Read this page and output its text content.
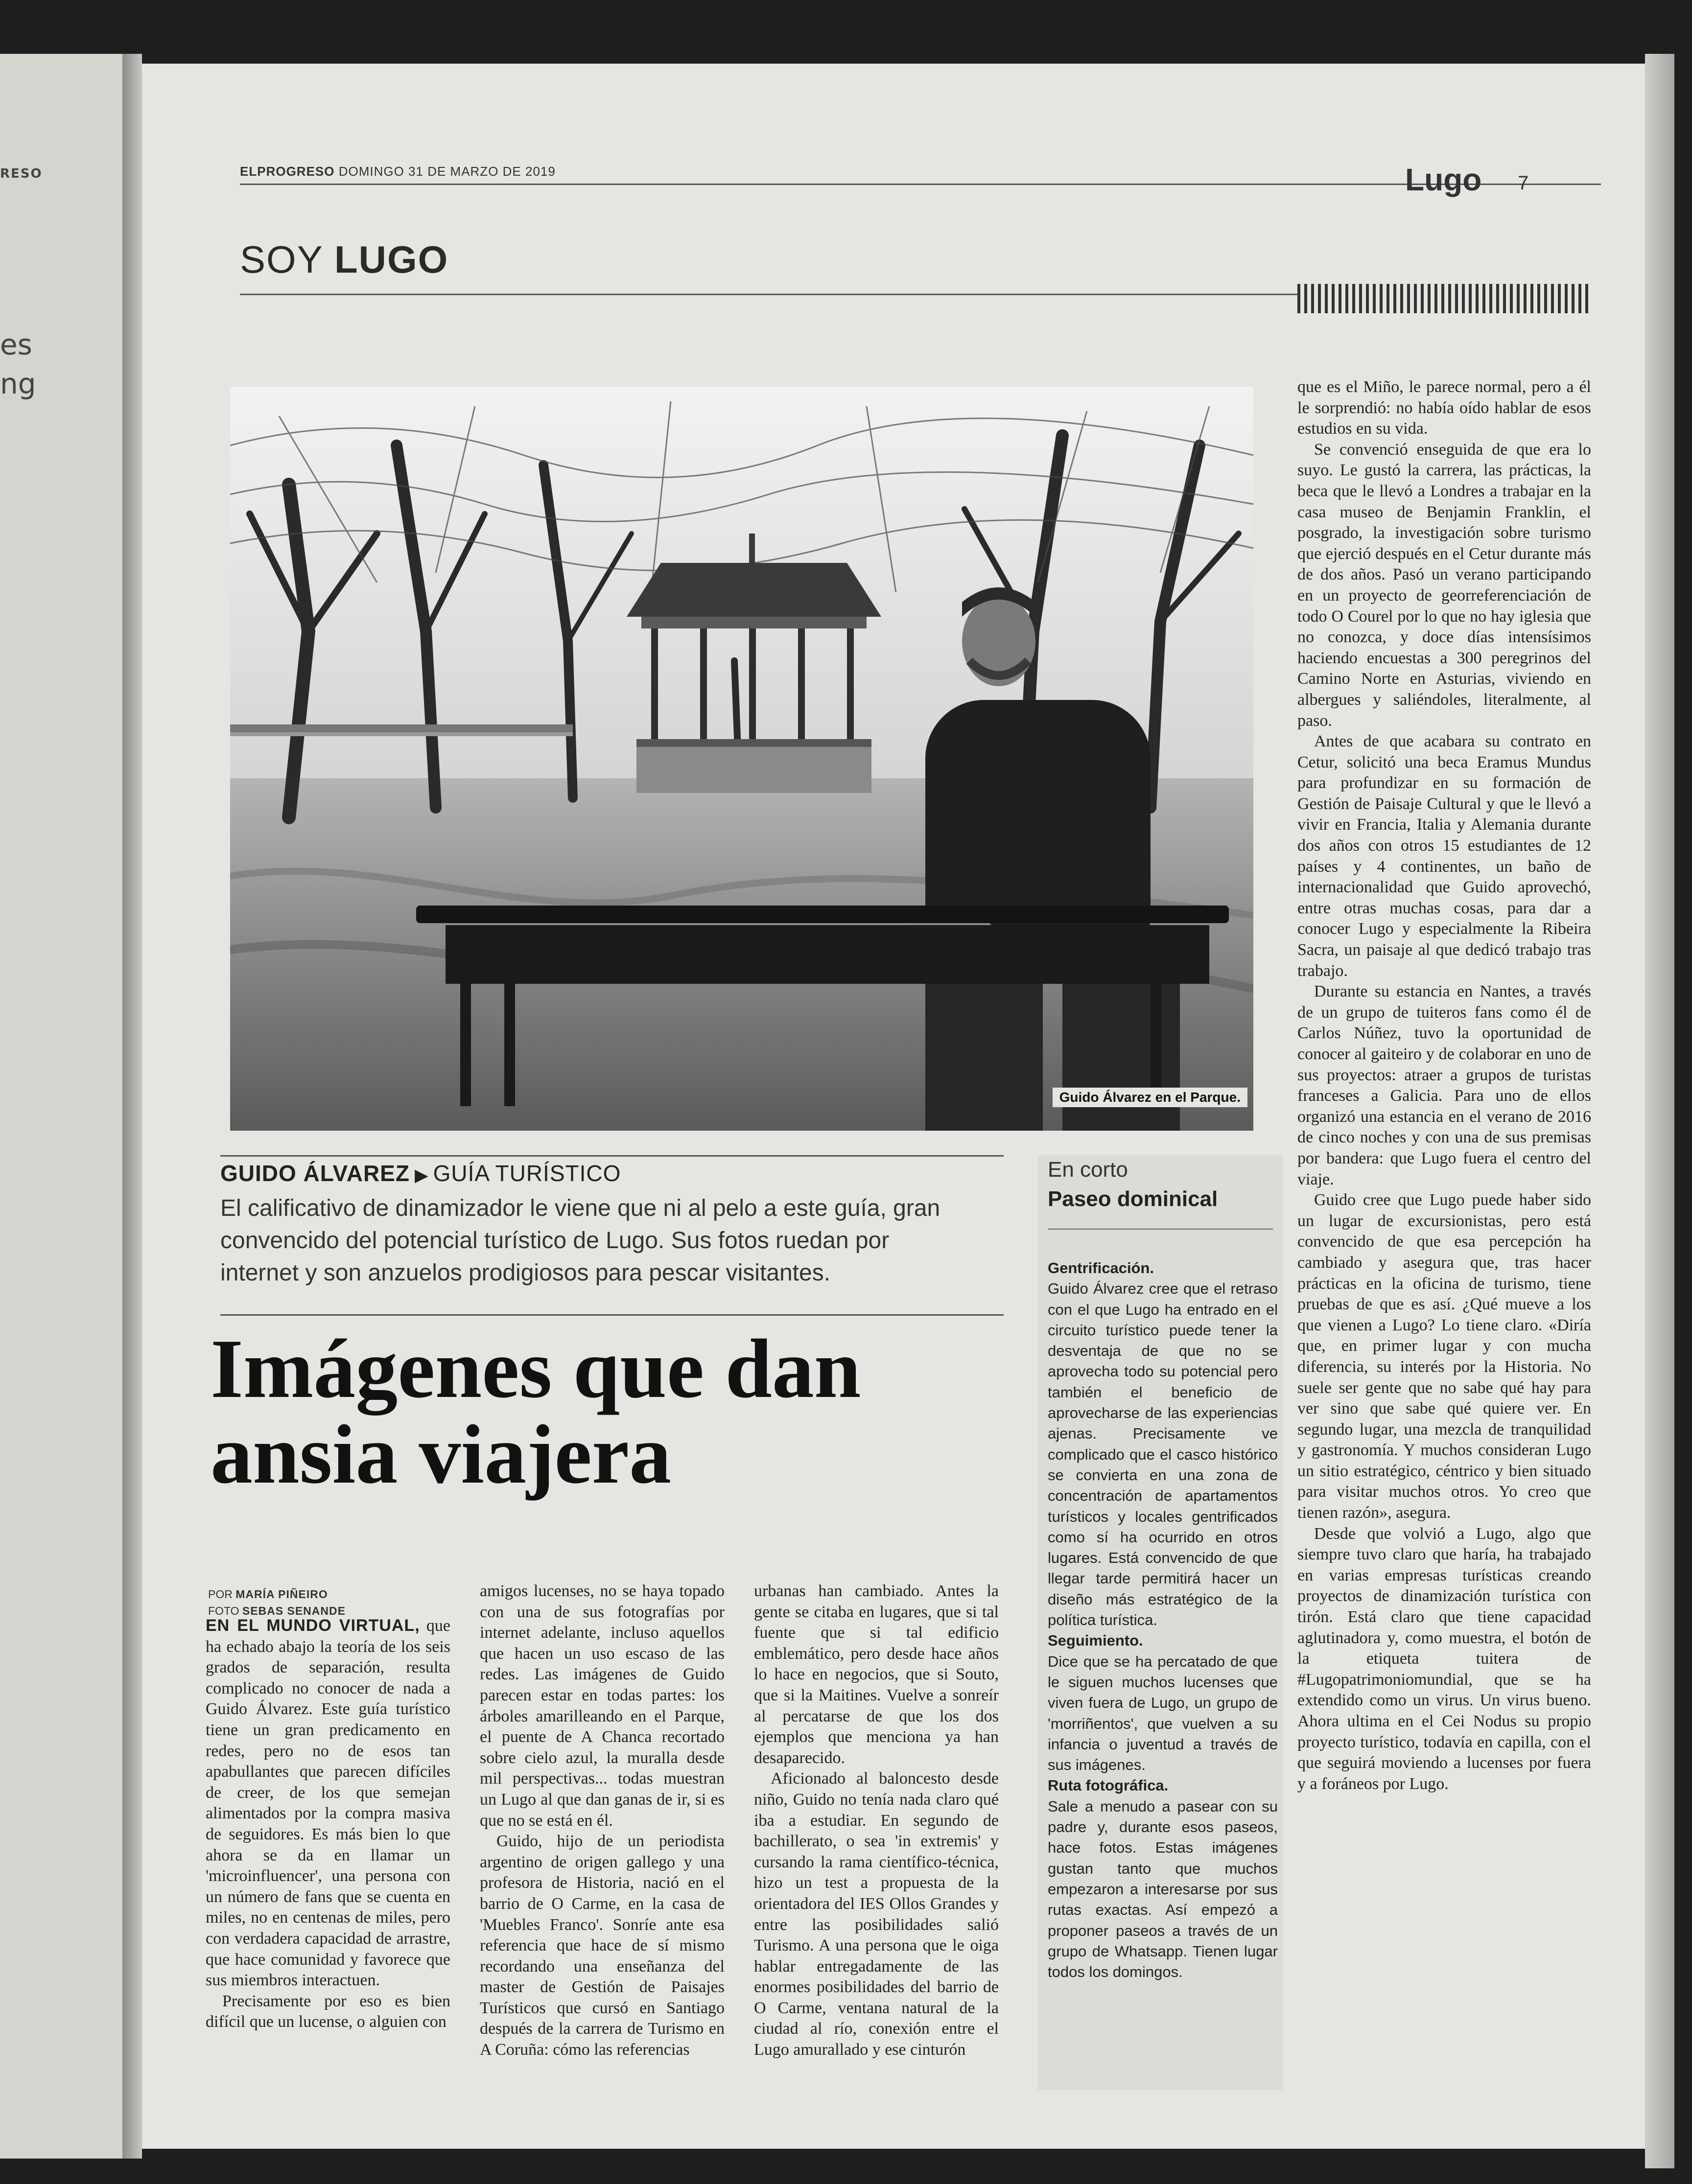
RESO
es
ng
ELPROGRESO DOMINGO 31 DE MARZO DE 2019	Lugo 7
SOY LUGO
Guido Álvarez en el Parque.
GUIDO ÁLVAREZ ▶ GUÍA TURÍSTICO

El calificativo de dinamizador le viene que ni al pelo a este guía, gran

convencido del potencial turístico de Lugo. Sus fotos ruedan por

internet y son anzuelos prodigiosos para pescar visitantes.

Imágenes que dan
ansia viajera
POR MARÍA PIÑEIRO
FOTO SEBAS SENANDE

EN EL MUNDO VIRTUAL, que ha echado abajo la teoría de los seis grados de separación, resulta complicado no conocer de nada a Guido Álvarez. Este guía turístico tiene un gran predicamento en redes, pero no de esos tan apabullantes que parecen difíciles de creer, de los que semejan alimentados por la compra masiva de seguidores. Es más bien lo que ahora se da en llamar un 'microinfluencer', una persona con un número de fans que se cuenta en miles, no en centenas de miles, pero con verdadera capacidad de arrastre, que hace comunidad y favorece que sus miembros interactuen.

Precisamente por eso es bien difícil que un lucense, o alguien con

amigos lucenses, no se haya topado con una de sus fotografías por internet adelante, incluso aquellos que hacen un uso escaso de las redes. Las imágenes de Guido parecen estar en todas partes: los árboles amarilleando en el Parque, el puente de A Chanca recortado sobre cielo azul, la muralla desde mil perspectivas... todas muestran un Lugo al que dan ganas de ir, si es que no se está en él.

Guido, hijo de un periodista argentino de origen gallego y una profesora de Historia, nació en el barrio de O Carme, en la casa de 'Muebles Franco'. Sonríe ante esa referencia que hace de sí mismo recordando una enseñanza del master de Gestión de Paisajes Turísticos que cursó en Santiago después de la carrera de Turismo en A Coruña: cómo las referencias

urbanas han cambiado. Antes la gente se citaba en lugares, que si tal fuente que si tal edificio emblemático, pero desde hace años lo hace en negocios, que si Souto, que si la Maitines. Vuelve a sonreír al percatarse de que los dos ejemplos que menciona ya han desaparecido.

Aficionado al baloncesto desde niño, Guido no tenía nada claro qué iba a estudiar. En segundo de bachillerato, o sea 'in extremis' y cursando la rama científico-técnica, hizo un test a propuesta de la orientadora del IES Ollos Grandes y entre las posibilidades salió Turismo. A una persona que le oiga hablar entregadamente de las enormes posibilidades del barrio de O Carme, ventana natural de la ciudad al río, conexión entre el Lugo amurallado y ese cinturón

que es el Miño, le parece normal, pero a él le sorprendió: no había oído hablar de esos estudios en su vida.

Se convenció enseguida de que era lo suyo. Le gustó la carrera, las prácticas, la beca que le llevó a Londres a trabajar en la casa museo de Benjamin Franklin, el posgrado, la investigación sobre turismo que ejerció después en el Cetur durante más de dos años. Pasó un verano participando en un proyecto de georreferenciación de todo O Courel por lo que no hay iglesia que no conozca, y doce días intensísimos haciendo encuestas a 300 peregrinos del Camino Norte en Asturias, viviendo en albergues y saliéndoles, literalmente, al paso.

Antes de que acabara su contrato en Cetur, solicitó una beca Eramus Mundus para profundizar en su formación de Gestión de Paisaje Cultural y que le llevó a vivir en Francia, Italia y Alemania durante dos años con otros 15 estudiantes de 12 países y 4 continentes, un baño de internacionalidad que Guido aprovechó, entre otras muchas cosas, para dar a conocer Lugo y especialmente la Ribeira Sacra, un paisaje al que dedicó trabajo tras trabajo.

Durante su estancia en Nantes, a través de un grupo de tuiteros fans como él de Carlos Núñez, tuvo la oportunidad de conocer al gaiteiro y de colaborar en uno de sus proyectos: atraer a grupos de turistas franceses a Galicia. Para uno de ellos organizó una estancia en el verano de 2016 de cinco noches y con una de sus premisas por bandera: que Lugo fuera el centro del viaje.

Guido cree que Lugo puede haber sido un lugar de excursionistas, pero está convencido de que esa percepción ha cambiado y asegura que, tras hacer prácticas en la oficina de turismo, tiene pruebas de que es así. ¿Qué mueve a los que vienen a Lugo? Lo tiene claro. «Diría que, en primer lugar y con mucha diferencia, su interés por la Historia. No suele ser gente que no sabe qué hay para ver sino que sabe qué quiere ver. En segundo lugar, una mezcla de tranquilidad y gastronomía. Y muchos consideran Lugo un sitio estratégico, céntrico y bien situado para visitar muchos otros. Yo creo que tienen razón», asegura.

Desde que volvió a Lugo, algo que siempre tuvo claro que haría, ha trabajado en varias empresas turísticas creando proyectos de dinamización turística con tirón. Está claro que tiene capacidad aglutinadora y, como muestra, el botón de la etiqueta tuitera de #Lugopatrimoniomundial, que se ha extendido como un virus. Un virus bueno. Ahora ultima en el Cei Nodus su propio proyecto turístico, todavía en capilla, con el que seguirá moviendo a lucenses por fuera y a foráneos por Lugo.

En corto
Paseo dominical

Gentrificación.

Guido Álvarez cree que el retraso con el que Lugo ha entrado en el circuito turístico puede tener la desventaja de que no se aprovecha todo su potencial pero también el beneficio de aprovecharse de las experiencias ajenas. Precisamente ve complicado que el casco histórico se convierta en una zona de concentración de apartamentos turísticos y locales gentrificados como sí ha ocurrido en otros lugares. Está convencido de que llegar tarde permitirá hacer un diseño más estratégico de la política turística.

Seguimiento.

Dice que se ha percatado de que le siguen muchos lucenses que viven fuera de Lugo, un grupo de 'morriñentos', que vuelven a su infancia o juventud a través de sus imágenes.

Ruta fotográfica.

Sale a menudo a pasear con su padre y, durante esos paseos, hace fotos. Estas imágenes gustan tanto que muchos empezaron a interesarse por sus rutas exactas. Así empezó a proponer paseos a través de un grupo de Whatsapp. Tienen lugar todos los domingos.
